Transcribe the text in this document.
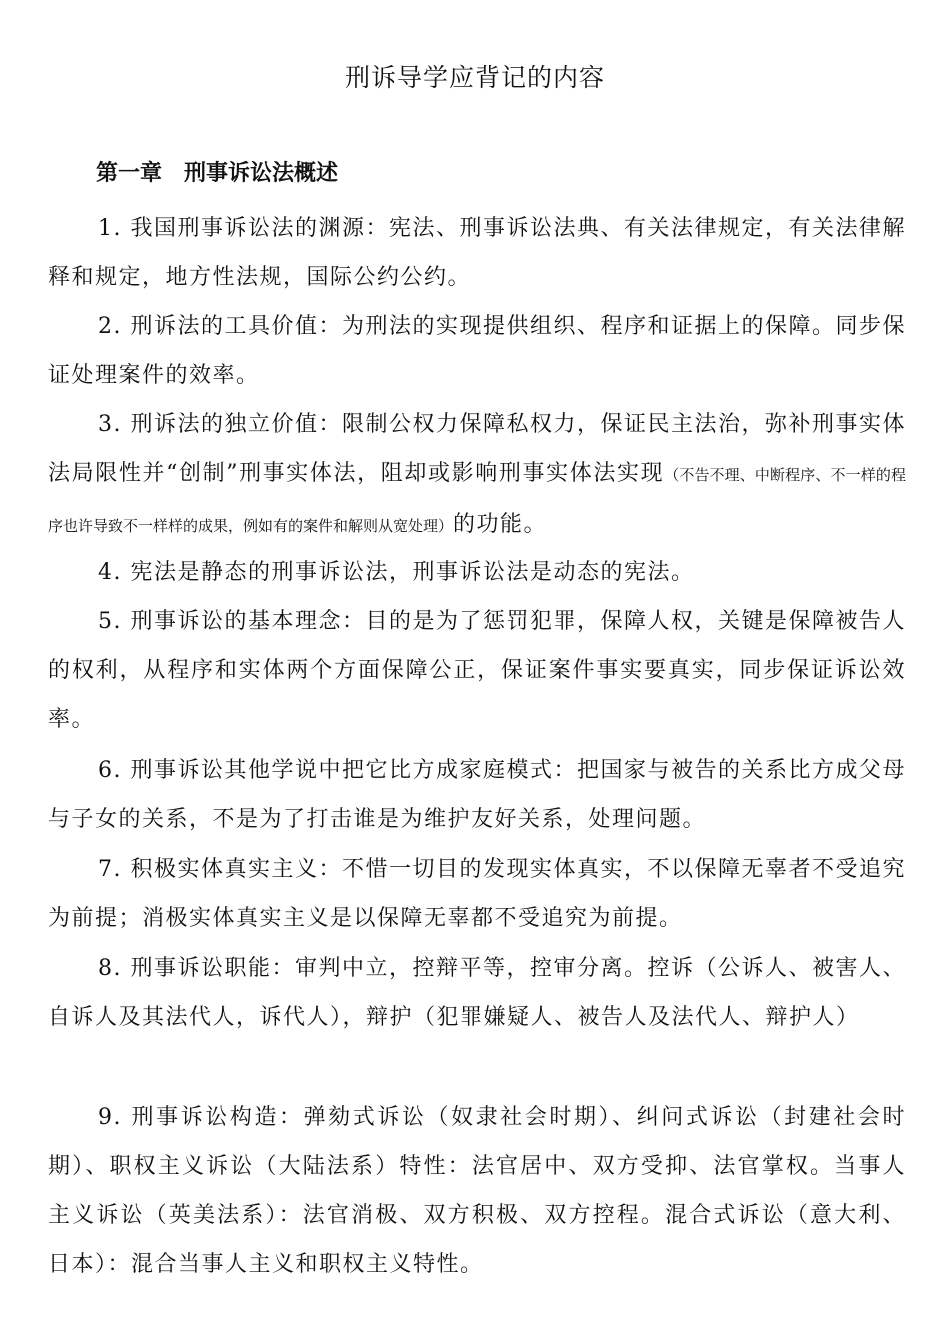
刑诉导学应背记的内容
第一章　刑事诉讼法概述

1. 我国刑事诉讼法的渊源：宪法、刑事诉讼法典、有关法律规定，有关法律解释和规定，地方性法规，国际公约公约。

2. 刑诉法的工具价值：为刑法的实现提供组织、程序和证据上的保障。同步保证处理案件的效率。

3. 刑诉法的独立价值：限制公权力保障私权力，保证民主法治，弥补刑事实体法局限性并“创制”刑事实体法，阻却或影响刑事实体法实现（不告不理、中断程序、不一样的程序也许导致不一样样的成果，例如有的案件和解则从宽处理）的功能。

4. 宪法是静态的刑事诉讼法，刑事诉讼法是动态的宪法。

5. 刑事诉讼的基本理念：目的是为了惩罚犯罪，保障人权，关键是保障被告人的权利，从程序和实体两个方面保障公正，保证案件事实要真实，同步保证诉讼效率。

6. 刑事诉讼其他学说中把它比方成家庭模式：把国家与被告的关系比方成父母与子女的关系，不是为了打击谁是为维护友好关系，处理问题。

7. 积极实体真实主义：不惜一切目的发现实体真实，不以保障无辜者不受追究为前提；消极实体真实主义是以保障无辜都不受追究为前提。

8. 刑事诉讼职能：审判中立，控辩平等，控审分离。控诉（公诉人、被害人、自诉人及其法代人，诉代人），辩护（犯罪嫌疑人、被告人及法代人、辩护人）

9. 刑事诉讼构造：弹劾式诉讼（奴隶社会时期）、纠问式诉讼（封建社会时期）、职权主义诉讼（大陆法系）特性：法官居中、双方受抑、法官掌权。当事人主义诉讼（英美法系）：法官消极、双方积极、双方控程。混合式诉讼（意大利、日本）：混合当事人主义和职权主义特性。
